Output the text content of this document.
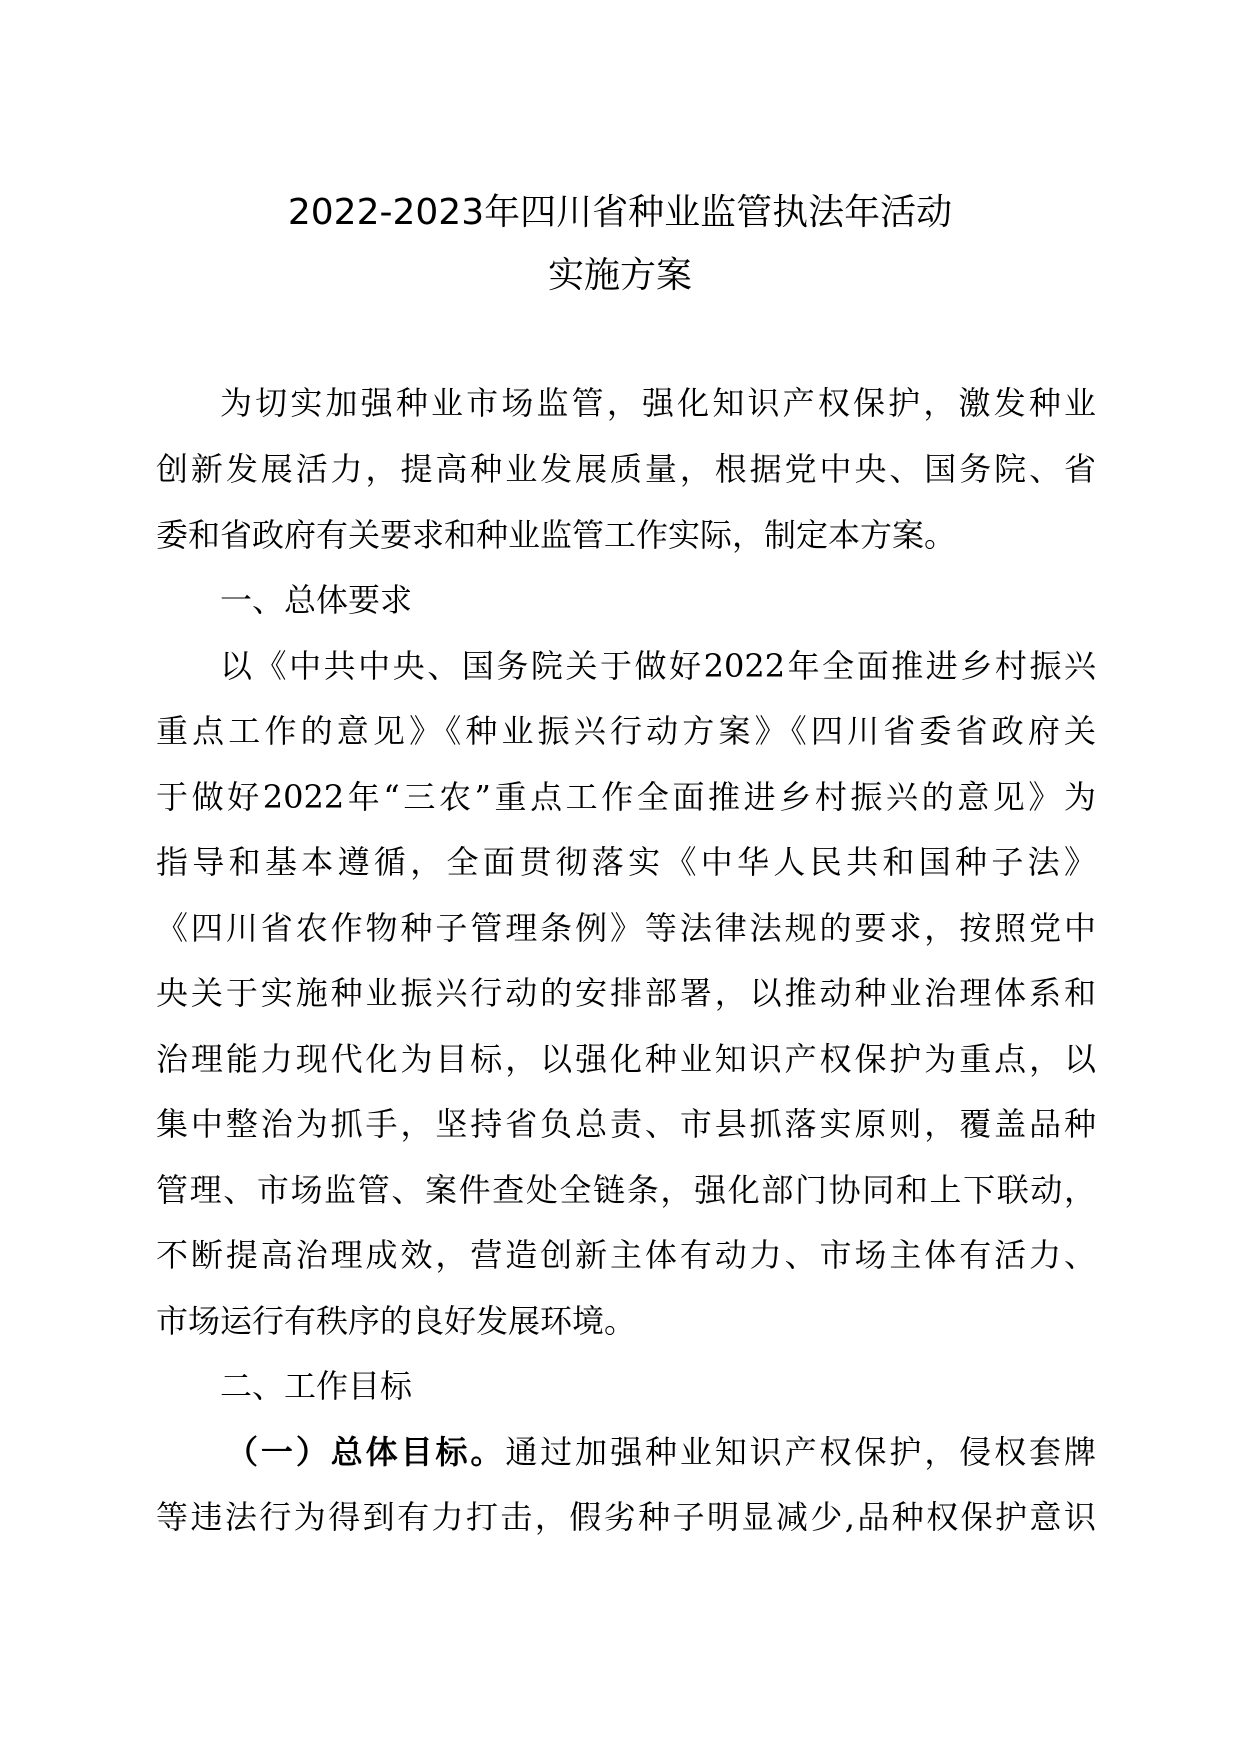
2022-2023年四川省种业监管执法年活动
实施方案
为切实加强种业市场监管，强化知识产权保护，激发种业
创新发展活力，提高种业发展质量，根据党中央、国务院、省
委和省政府有关要求和种业监管工作实际，制定本方案。
一、总体要求
以《中共中央、国务院关于做好2022年全面推进乡村振兴
重点工作的意见》《种业振兴行动方案》《四川省委省政府关
于做好2022年“三农”重点工作全面推进乡村振兴的意见》为
指导和基本遵循，全面贯彻落实《中华人民共和国种子法》
《四川省农作物种子管理条例》等法律法规的要求，按照党中
央关于实施种业振兴行动的安排部署，以推动种业治理体系和
治理能力现代化为目标，以强化种业知识产权保护为重点，以
集中整治为抓手，坚持省负总责、市县抓落实原则，覆盖品种
管理、市场监管、案件查处全链条，强化部门协同和上下联动，
不断提高治理成效，营造创新主体有动力、市场主体有活力、
市场运行有秩序的良好发展环境。
二、工作目标
（一）总体目标。通过加强种业知识产权保护，侵权套牌
等违法行为得到有力打击，假劣种子明显减少,品种权保护意识
